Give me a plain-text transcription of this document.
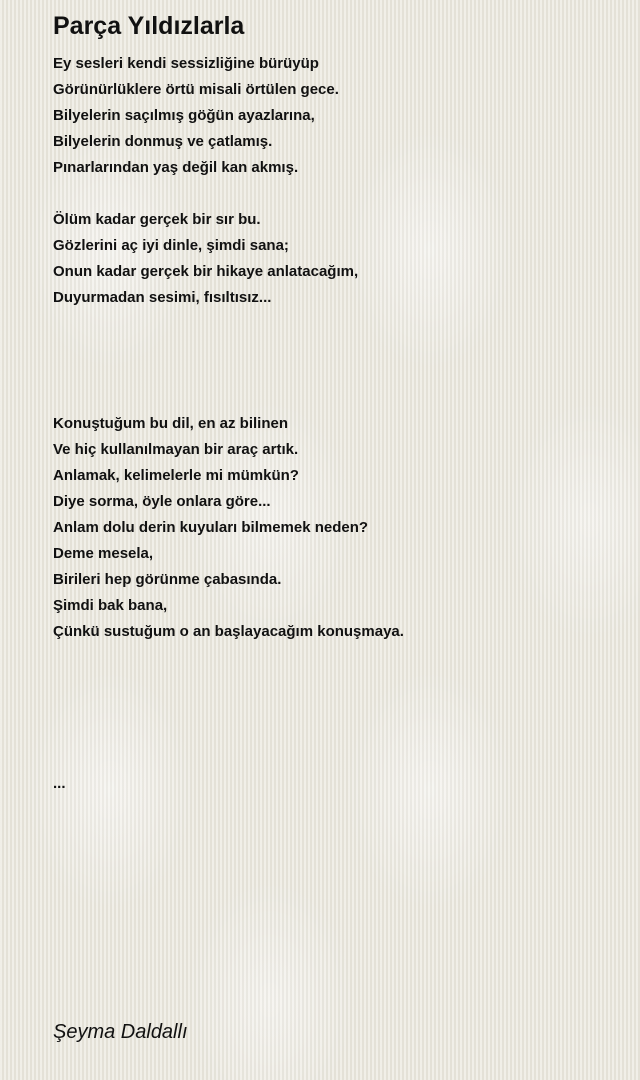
Parça Yıldızlarla
Ey sesleri kendi sessizliğine bürüyüp
Görünürlüklere örtü misali örtülen gece.
Bilyelerin saçılmış göğün ayazlarına,
Bilyelerin donmuş ve çatlamış.
Pınarlarından yaş değil kan akmış.
Ölüm kadar gerçek bir sır bu.
Gözlerini aç iyi dinle, şimdi sana;
Onun kadar gerçek bir hikaye anlatacağım,
Duyurmadan sesimi, fısıltısız...
Konuştuğum bu dil, en az bilinen
Ve hiç kullanılmayan bir araç artık.
Anlamak, kelimelerle mi mümkün?
Diye sorma, öyle onlara göre...
Anlam dolu derin kuyuları bilmemek neden?
Deme mesela,
Birileri hep görünme çabasında.
Şimdi bak bana,
Çünkü sustuğum o an başlayacağım konuşmaya.
...
Şeyma Daldallı
